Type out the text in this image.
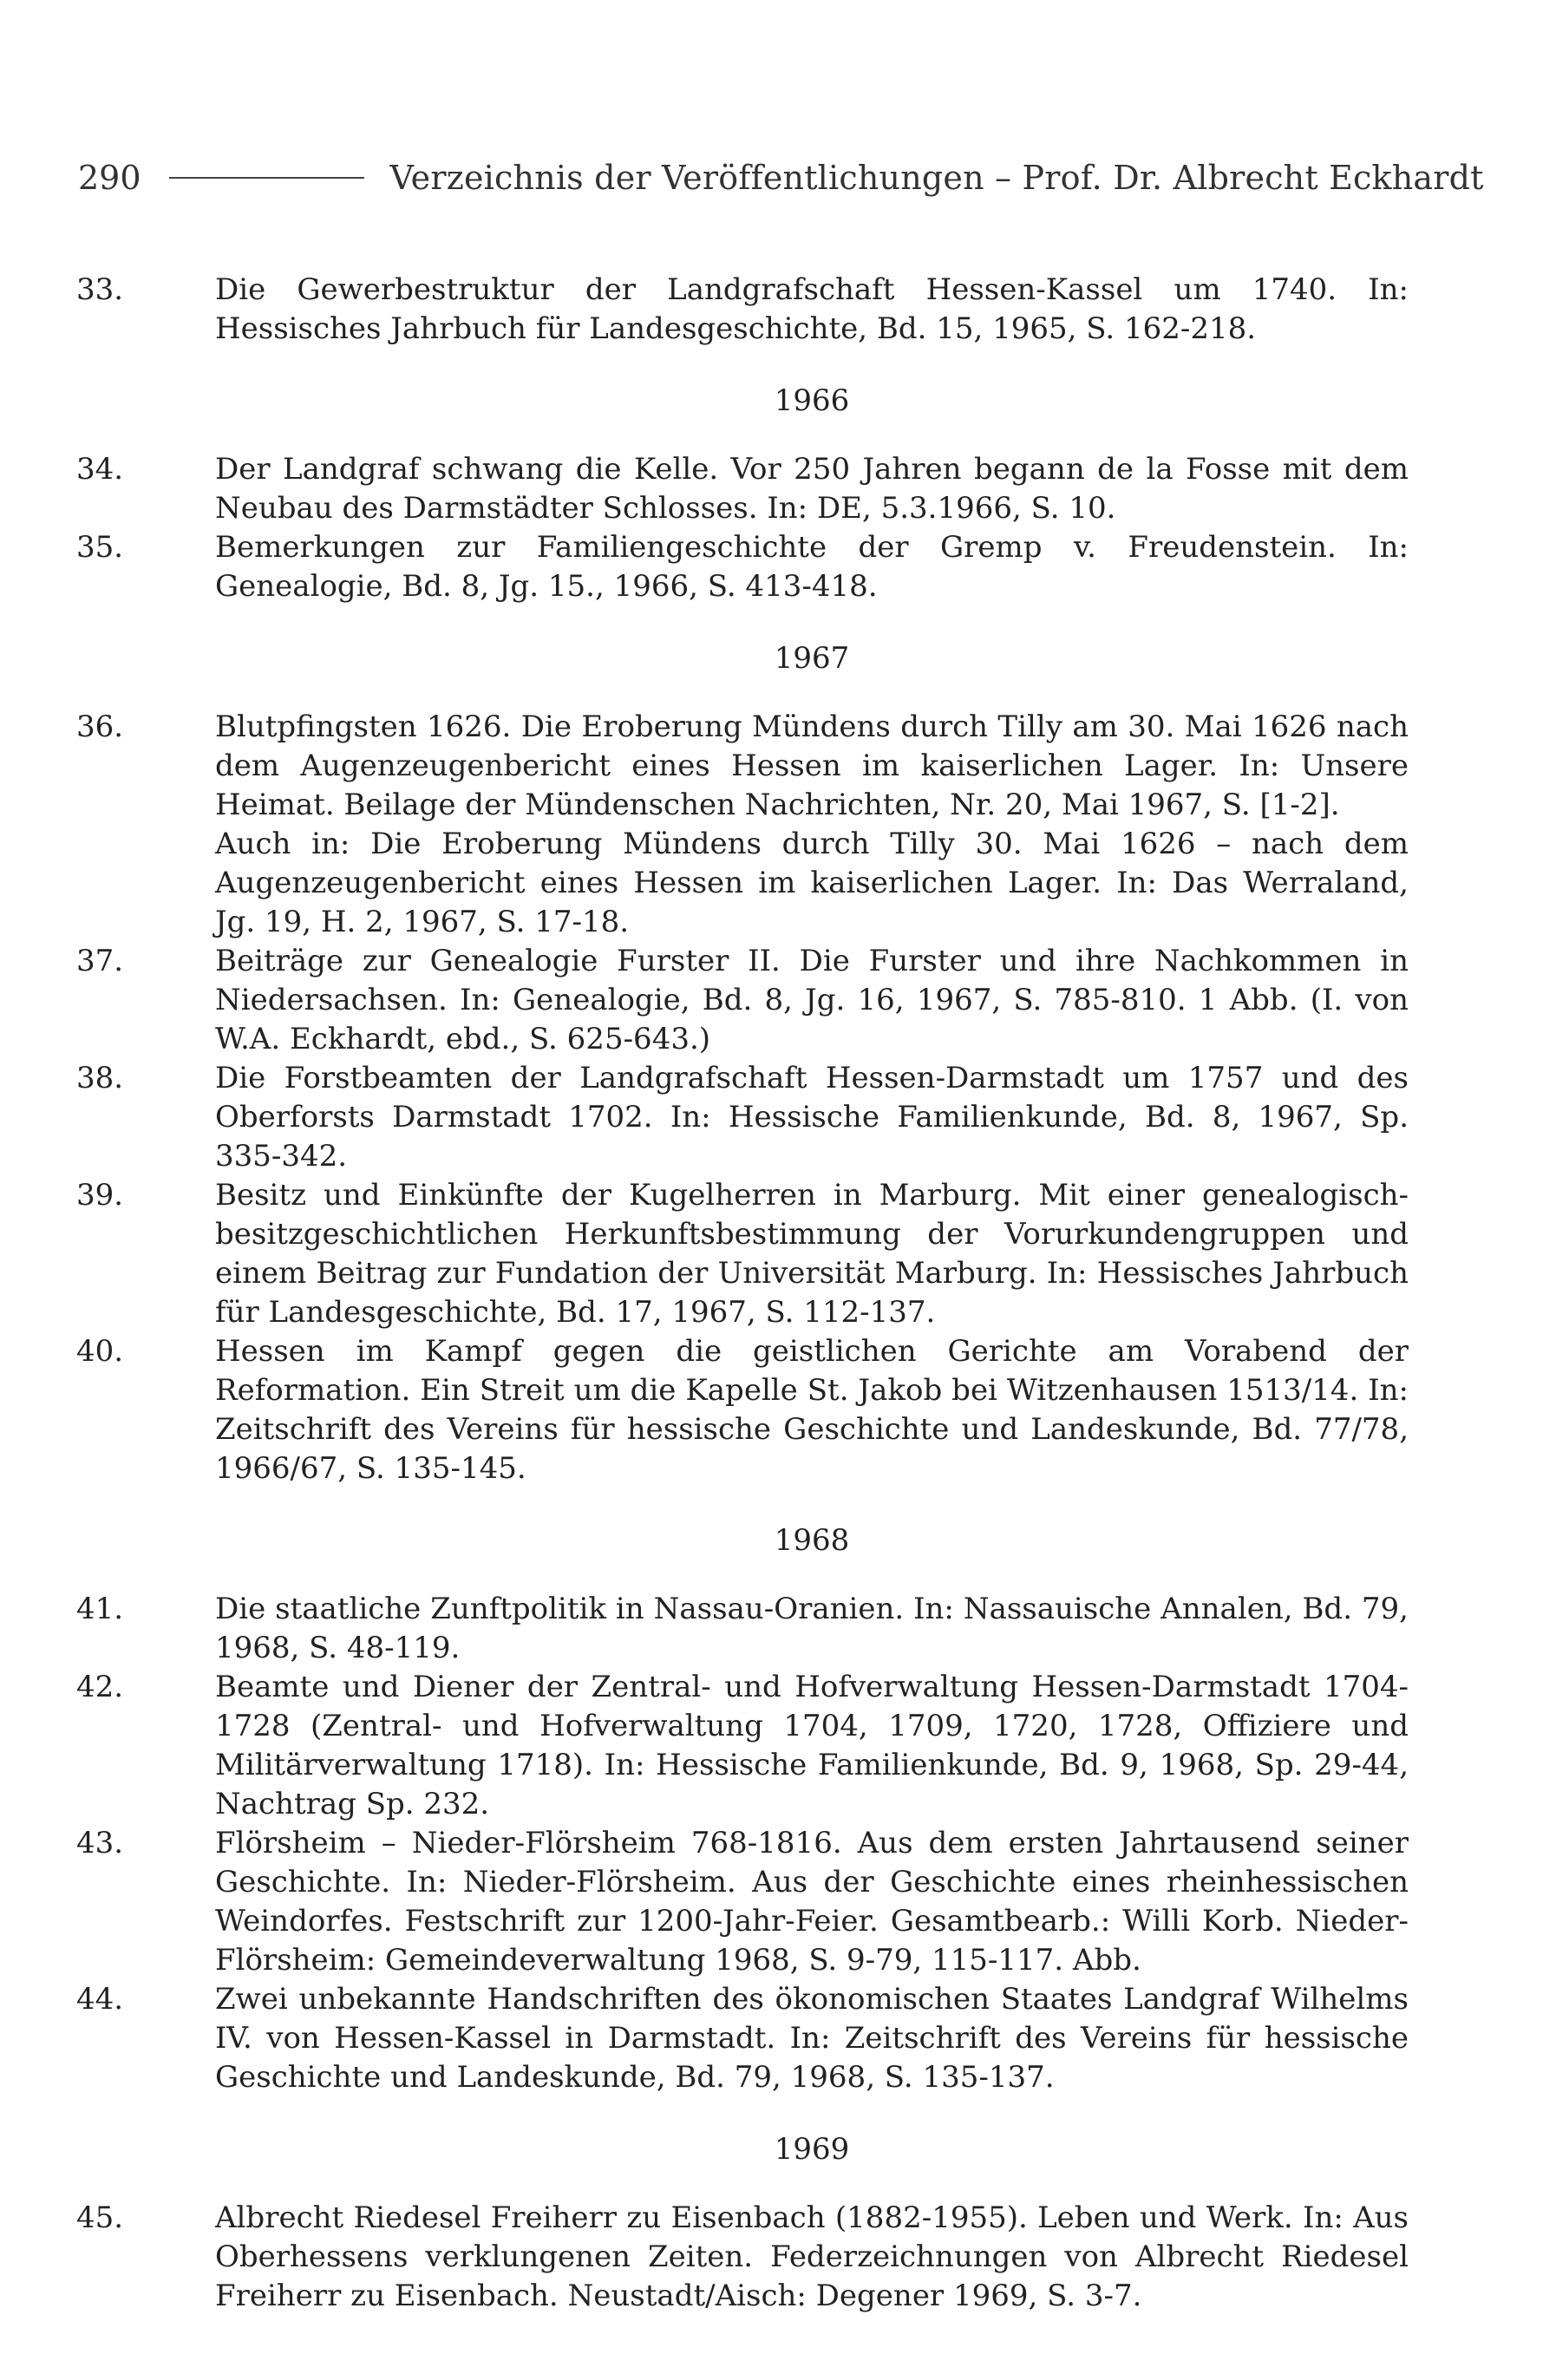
290	Verzeichnis der Veröffentlichungen – Prof. Dr. Albrecht Eckhardt
33.	Die Gewerbestruktur der Landgrafschaft Hessen-Kassel um 1740. In: Hessisches Jahrbuch für Landesgeschichte, Bd. 15, 1965, S. 162-218.

1966
34.	Der Landgraf schwang die Kelle. Vor 250 Jahren begann de la Fosse mit dem Neubau des Darmstädter Schlosses. In: DE, 5.3.1966, S. 10.

35.	Bemerkungen zur Familiengeschichte der Gremp v. Freudenstein. In: Genealogie, Bd. 8, Jg. 15., 1966, S. 413-418.

1967
36.	Blutpfingsten 1626. Die Eroberung Mündens durch Tilly am 30. Mai 1626 nach dem Augenzeugenbericht eines Hessen im kaiserlichen Lager. In: Unsere Heimat. Beilage der Mündenschen Nachrichten, Nr. 20, Mai 1967, S. [1-2].

Auch in: Die Eroberung Mündens durch Tilly 30. Mai 1626 – nach dem Augenzeugenbericht eines Hessen im kaiserlichen Lager. In: Das Werraland, Jg. 19, H. 2, 1967, S. 17-18.

37.	Beiträge zur Genealogie Furster II. Die Furster und ihre Nachkommen in Niedersachsen. In: Genealogie, Bd. 8, Jg. 16, 1967, S. 785-810. 1 Abb. (I. von W.A. Eckhardt, ebd., S. 625-643.)

38.	Die Forstbeamten der Landgrafschaft Hessen-Darmstadt um 1757 und des Oberforsts Darmstadt 1702. In: Hessische Familienkunde, Bd. 8, 1967, Sp. 335-342.

39.	Besitz und Einkünfte der Kugelherren in Marburg. Mit einer genealogisch-besitzgeschichtlichen Herkunftsbestimmung der Vorurkundengruppen und einem Beitrag zur Fundation der Universität Marburg. In: Hessisches Jahrbuch für Landesgeschichte, Bd. 17, 1967, S. 112-137.

40.	Hessen im Kampf gegen die geistlichen Gerichte am Vorabend der Reformation. Ein Streit um die Kapelle St. Jakob bei Witzenhausen 1513/14. In: Zeitschrift des Vereins für hessische Geschichte und Landeskunde, Bd. 77/78, 1966/67, S. 135-145.

1968
41.	Die staatliche Zunftpolitik in Nassau-Oranien. In: Nassauische Annalen, Bd. 79, 1968, S. 48-119.

42.	Beamte und Diener der Zentral- und Hofverwaltung Hessen-Darmstadt 1704-1728 (Zentral- und Hofverwaltung 1704, 1709, 1720, 1728, Offiziere und Militärverwaltung 1718). In: Hessische Familienkunde, Bd. 9, 1968, Sp. 29-44, Nachtrag Sp. 232.

43.	Flörsheim – Nieder-Flörsheim 768-1816. Aus dem ersten Jahrtausend seiner Geschichte. In: Nieder-Flörsheim. Aus der Geschichte eines rheinhessischen Weindorfes. Festschrift zur 1200-Jahr-Feier. Gesamtbearb.: Willi Korb. Nieder-Flörsheim: Gemeindeverwaltung 1968, S. 9-79, 115-117. Abb.

44.	Zwei unbekannte Handschriften des ökonomischen Staates Landgraf Wilhelms IV. von Hessen-Kassel in Darmstadt. In: Zeitschrift des Vereins für hessische Geschichte und Landeskunde, Bd. 79, 1968, S. 135-137.

1969
45.	Albrecht Riedesel Freiherr zu Eisenbach (1882-1955). Leben und Werk. In: Aus Oberhessens verklungenen Zeiten. Federzeichnungen von Albrecht Riedesel Freiherr zu Eisenbach. Neustadt/Aisch: Degener 1969, S. 3-7.
